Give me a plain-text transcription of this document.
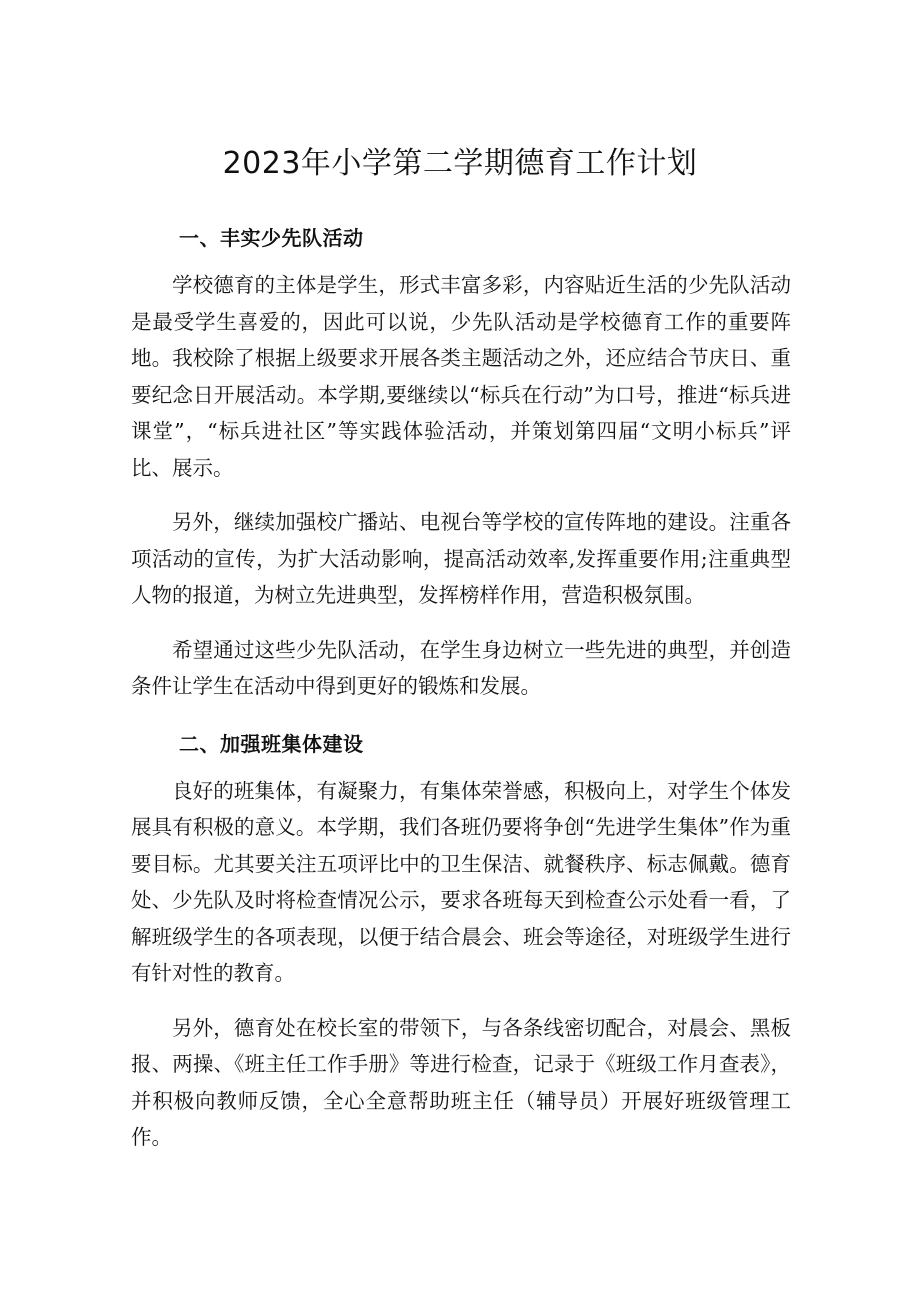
2023年小学第二学期德育工作计划
一、丰实少先队活动

学校德育的主体是学生，形式丰富多彩，内容贴近生活的少先队活动是最受学生喜爱的，因此可以说，少先队活动是学校德育工作的重要阵地。我校除了根据上级要求开展各类主题活动之外，还应结合节庆日、重要纪念日开展活动。本学期,要继续以“标兵在行动”为口号，推进“标兵进课堂”，“标兵进社区”等实践体验活动，并策划第四届“文明小标兵”评比、展示。

另外，继续加强校广播站、电视台等学校的宣传阵地的建设。注重各项活动的宣传，为扩大活动影响，提高活动效率,发挥重要作用;注重典型人物的报道，为树立先进典型，发挥榜样作用，营造积极氛围。

希望通过这些少先队活动，在学生身边树立一些先进的典型，并创造条件让学生在活动中得到更好的锻炼和发展。

二、加强班集体建设

良好的班集体，有凝聚力，有集体荣誉感，积极向上，对学生个体发展具有积极的意义。本学期，我们各班仍要将争创“先进学生集体”作为重要目标。尤其要关注五项评比中的卫生保洁、就餐秩序、标志佩戴。德育处、少先队及时将检查情况公示，要求各班每天到检查公示处看一看，了解班级学生的各项表现，以便于结合晨会、班会等途径，对班级学生进行有针对性的教育。

另外，德育处在校长室的带领下，与各条线密切配合，对晨会、黑板报、两操、《班主任工作手册》等进行检查，记录于《班级工作月查表》，并积极向教师反馈，全心全意帮助班主任（辅导员）开展好班级管理工作。
